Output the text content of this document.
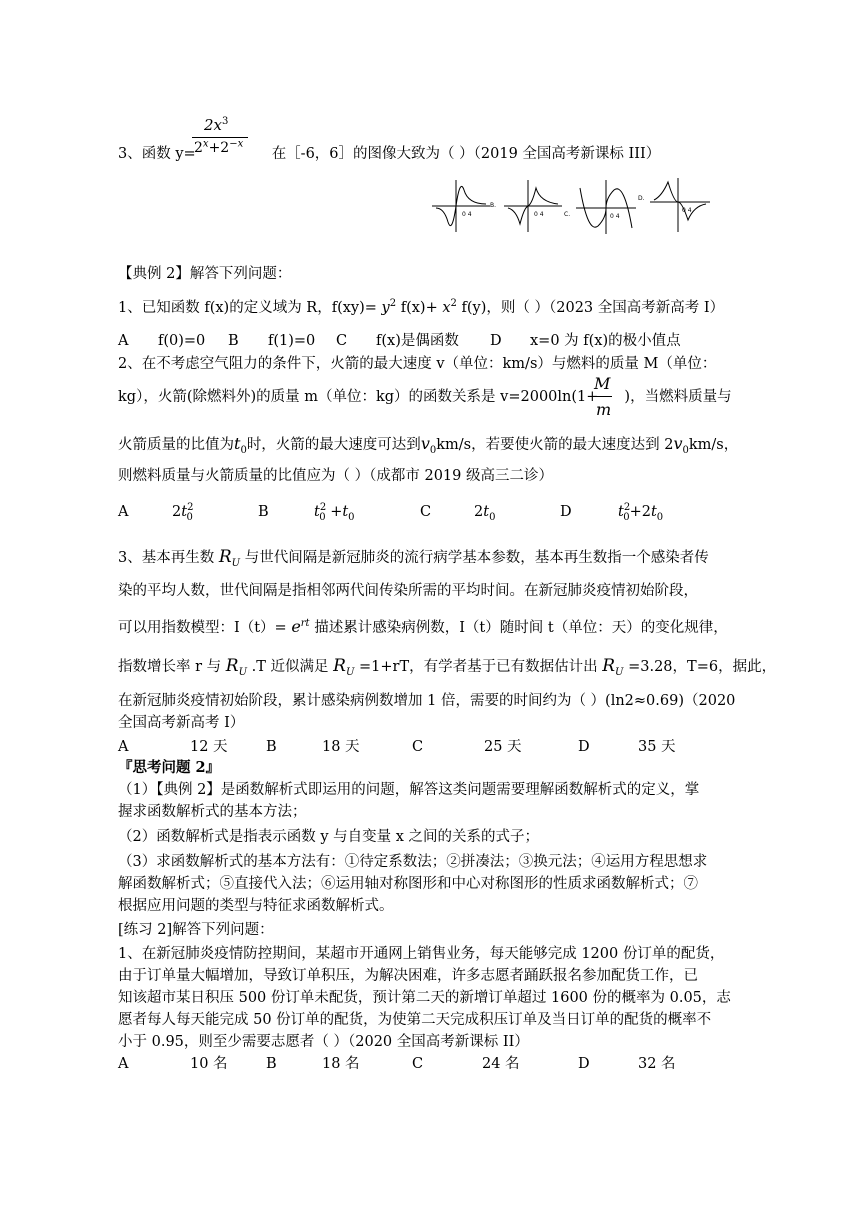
$2x^3$
3、函数 y=	在［-6，6］的图像大致为（ ）（2019 全国高考新课标 III）
$2^x+2^{-x}$
B.
C.
D.
0 4	0 4	0 4
0 4
【典例 2】解答下列问题：
1、已知函数 f(x)的定义域为 R，$f(xy)= y^2$ $f(x)+ x^2$ f(y)，则（ ）（2023 全国高考新高考 I）
A f(0)=0 B f(1)=0 C f(x)是偶函数 D x=0 为 f(x)的极小值点
2、在不考虑空气阻力的条件下，火箭的最大速度 v（单位：km/s）与燃料的质量 M（单位：
M
m
kg），火箭(除燃料外)的质量 m（单位：kg）的函数关系是 v=2000ln(1+ )，当燃料质量与
火箭质量的比值为$t_0$时，火箭的最大速度可达到$v_0km/s$，若要使火箭的最大速度达到 $2v_0km/s$，
则燃料质量与火箭质量的比值应为（ ）（成都市 2019 级高三二诊）
A	$2t^2_0$	B	$t^2_0 +t_0$	C	$2t_0$	D	$t^2_0+2t_0$
3、基本再生数 $R_U$ 与世代间隔是新冠肺炎的流行病学基本参数，基本再生数指一个感染者传
染的平均人数，世代间隔是指相邻两代间传染所需的平均时间。在新冠肺炎疫情初始阶段，
可以用指数模型：$I(t)= e^{rt}$ 描述累计感染病例数，I（t）随时间 t（单位：天）的变化规律，
指数增长率 r 与 $R_U$ .T 近似满足 $R_U =1+rT$，有学者基于已有数据估计出 $R_U =3.28$，T=6，据此，
在新冠肺炎疫情初始阶段，累计感染病例数增加 1 倍，需要的时间约为（ ）(ln2≈0.69)（2020
全国高考新高考 I）
A	12 天	B	18 天	C	25 天	D	35 天
『思考问题 2』
（1）【典例 2】是函数解析式即运用的问题，解答这类问题需要理解函数解析式的定义，掌
握求函数解析式的基本方法；
（2）函数解析式是指表示函数 y 与自变量 x 之间的关系的式子；
（3）求函数解析式的基本方法有：①待定系数法；②拼凑法；③换元法；④运用方程思想求
解函数解析式；⑤直接代入法；⑥运用轴对称图形和中心对称图形的性质求函数解析式；⑦
根据应用问题的类型与特征求函数解析式。
[练习 2]解答下列问题：
1、在新冠肺炎疫情防控期间，某超市开通网上销售业务，每天能够完成 1200 份订单的配货，
由于订单量大幅增加，导致订单积压，为解决困难，许多志愿者踊跃报名参加配货工作，已
知该超市某日积压 500 份订单未配货，预计第二天的新增订单超过 1600 份的概率为 0.05，志
愿者每人每天能完成 50 份订单的配货，为使第二天完成积压订单及当日订单的配货的概率不
小于 0.95，则至少需要志愿者（ ）（2020 全国高考新课标 II）
A	10 名	B	18 名	C	24 名	D	32 名
